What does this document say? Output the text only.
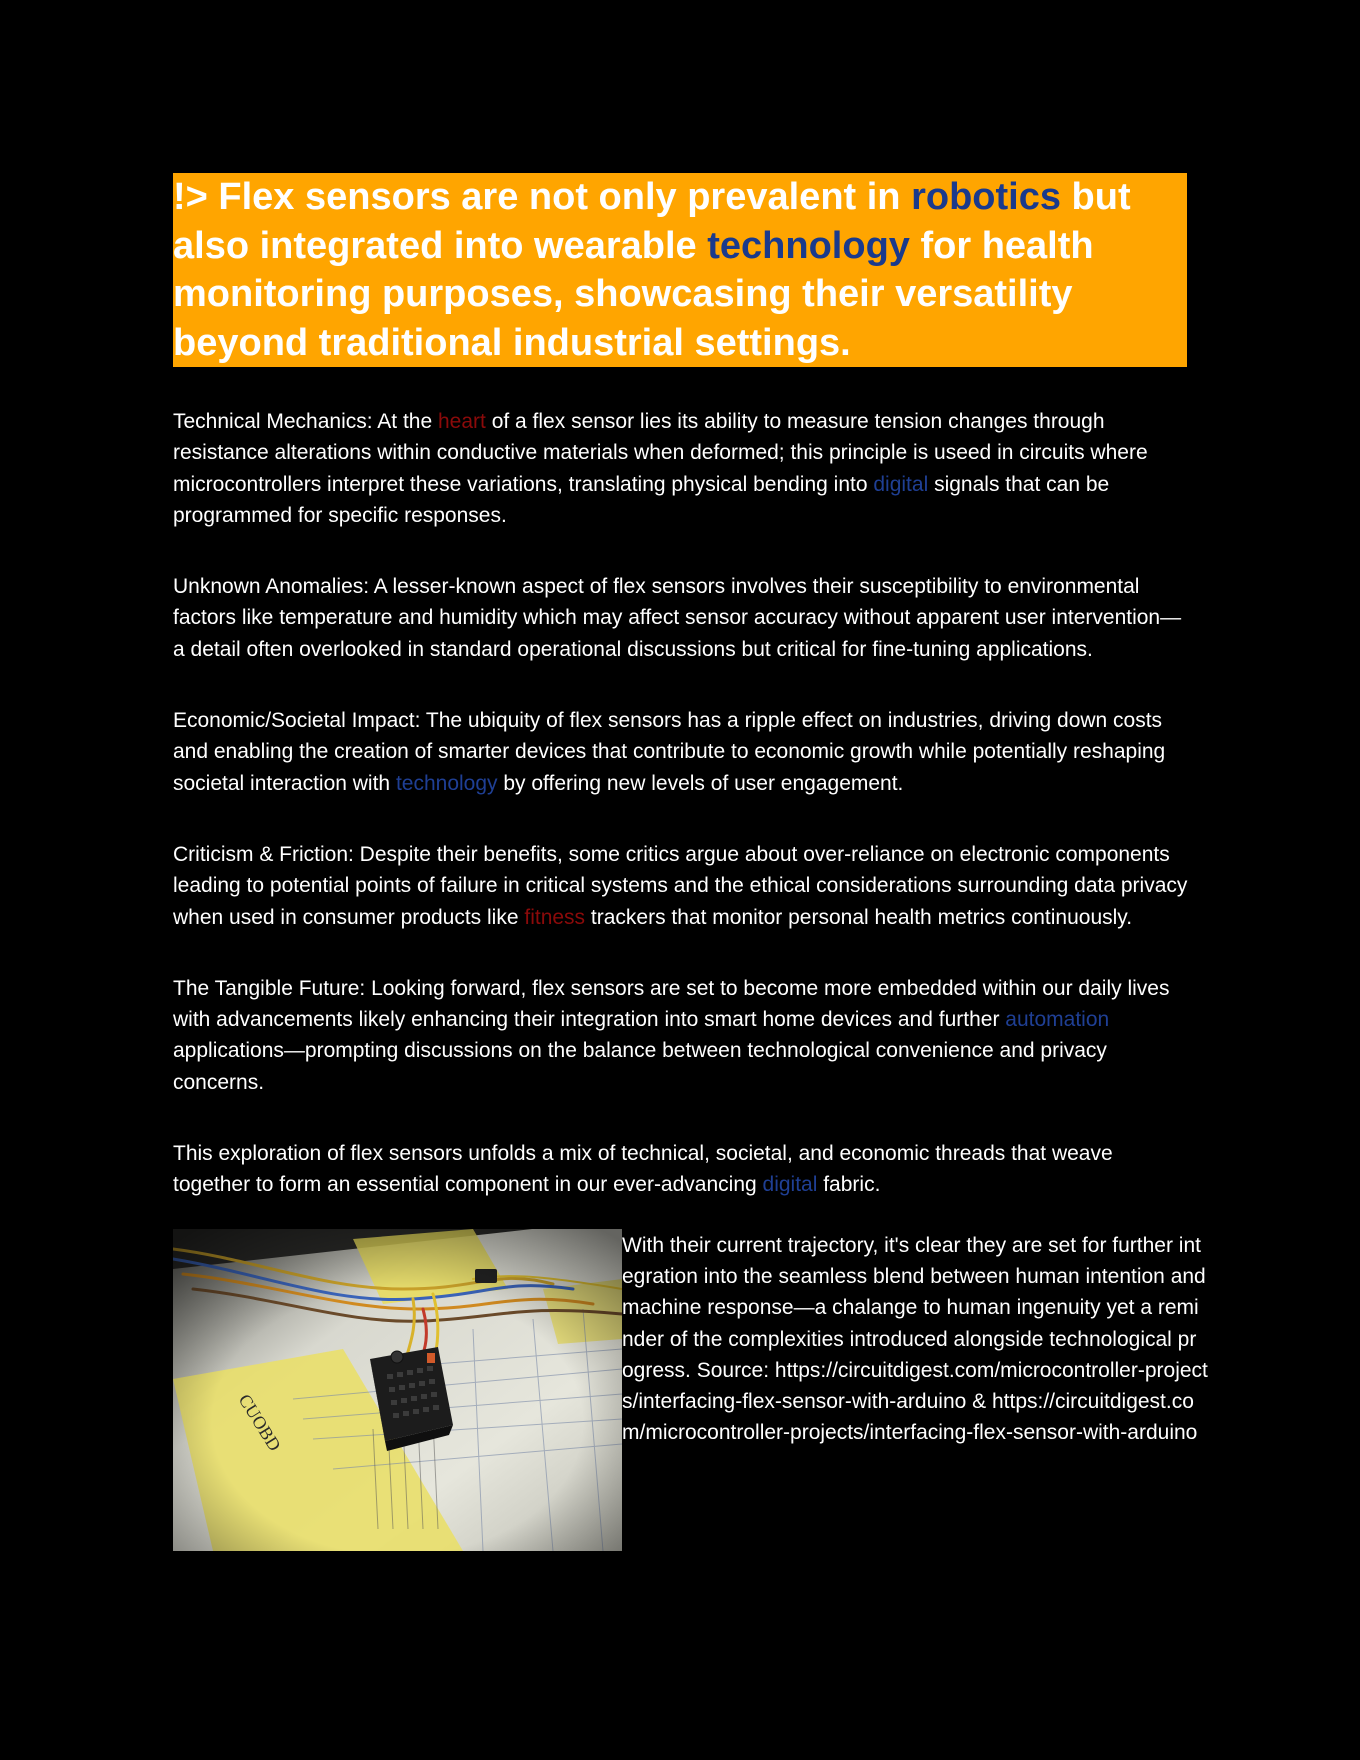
!> Flex sensors are not only prevalent in robotics but also integrated into wearable technology for health monitoring purposes, showcasing their versatility beyond traditional industrial settings.

Technical Mechanics: At the heart of a flex sensor lies its ability to measure tension changes through resistance alterations within conductive materials when deformed; this principle is useed in circuits where microcontrollers interpret these variations, translating physical bending into digital signals that can be programmed for specific responses.

Unknown Anomalies: A lesser-known aspect of flex sensors involves their susceptibility to environmental factors like temperature and humidity which may affect sensor accuracy without apparent user intervention—a detail often overlooked in standard operational discussions but critical for fine-tuning applications.

Economic/Societal Impact: The ubiquity of flex sensors has a ripple effect on industries, driving down costs and enabling the creation of smarter devices that contribute to economic growth while potentially reshaping societal interaction with technology by offering new levels of user engagement.

Criticism & Friction: Despite their benefits, some critics argue about over-reliance on electronic components leading to potential points of failure in critical systems and the ethical considerations surrounding data privacy when used in consumer products like fitness trackers that monitor personal health metrics continuously.

The Tangible Future: Looking forward, flex sensors are set to become more embedded within our daily lives with advancements likely enhancing their integration into smart home devices and further automation applications—prompting discussions on the balance between technological convenience and privacy concerns.

This exploration of flex sensors unfolds a mix of technical, societal, and economic threads that weave together to form an essential component in our ever-advancing digital fabric.

With their current trajectory, it's clear they are set for further integration into the seamless blend between human intention and machine response—a chalange to human ingenuity yet a reminder of the complexities introduced alongside technological progress. Source: https://circuitdigest.com/microcontroller-projects/interfacing-flex-sensor-with-arduino & https://circuitdigest.com/microcontroller-projects/interfacing-flex-sensor-with-arduino
